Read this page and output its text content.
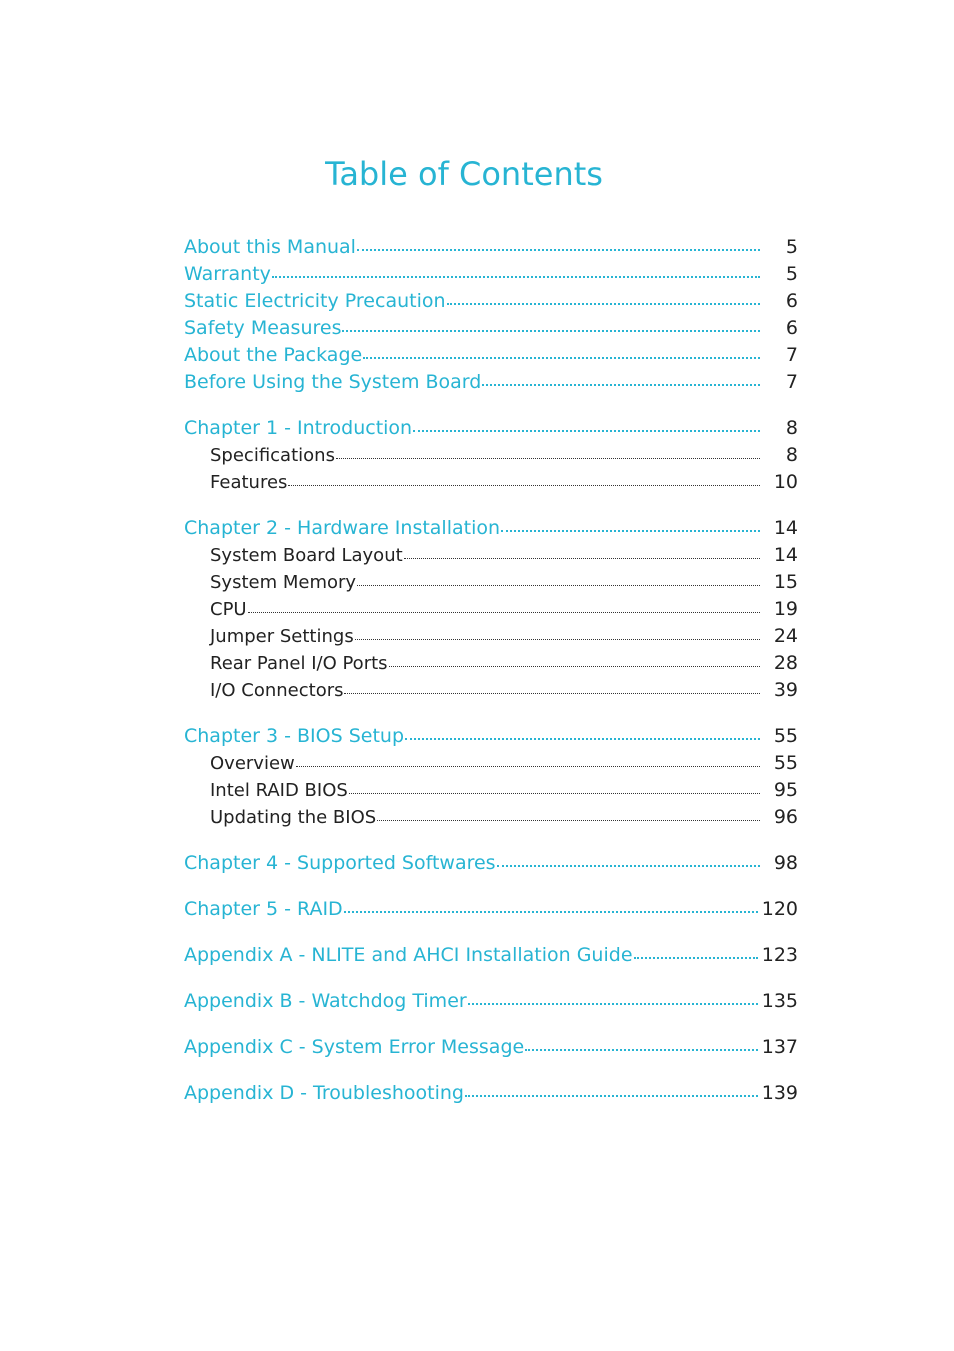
Table of Contents
About this Manual	5
Warranty	5
Static Electricity Precaution	6
Safety Measures	6
About the Package	7
Before Using the System Board	7
Chapter 1 - Introduction	8
Specifications	8
Features	10
Chapter 2 - Hardware Installation	14
System Board Layout	14
System Memory	15
CPU	19
Jumper Settings	24
Rear Panel I/O Ports	28
I/O Connectors	39
Chapter 3 - BIOS Setup	55
Overview	55
Intel RAID BIOS	95
Updating the BIOS	96
Chapter 4 - Supported Softwares	98
Chapter 5 - RAID	120
Appendix A - NLITE and AHCI Installation Guide	123
Appendix B - Watchdog Timer	135
Appendix C - System Error Message	137
Appendix D - Troubleshooting	139
